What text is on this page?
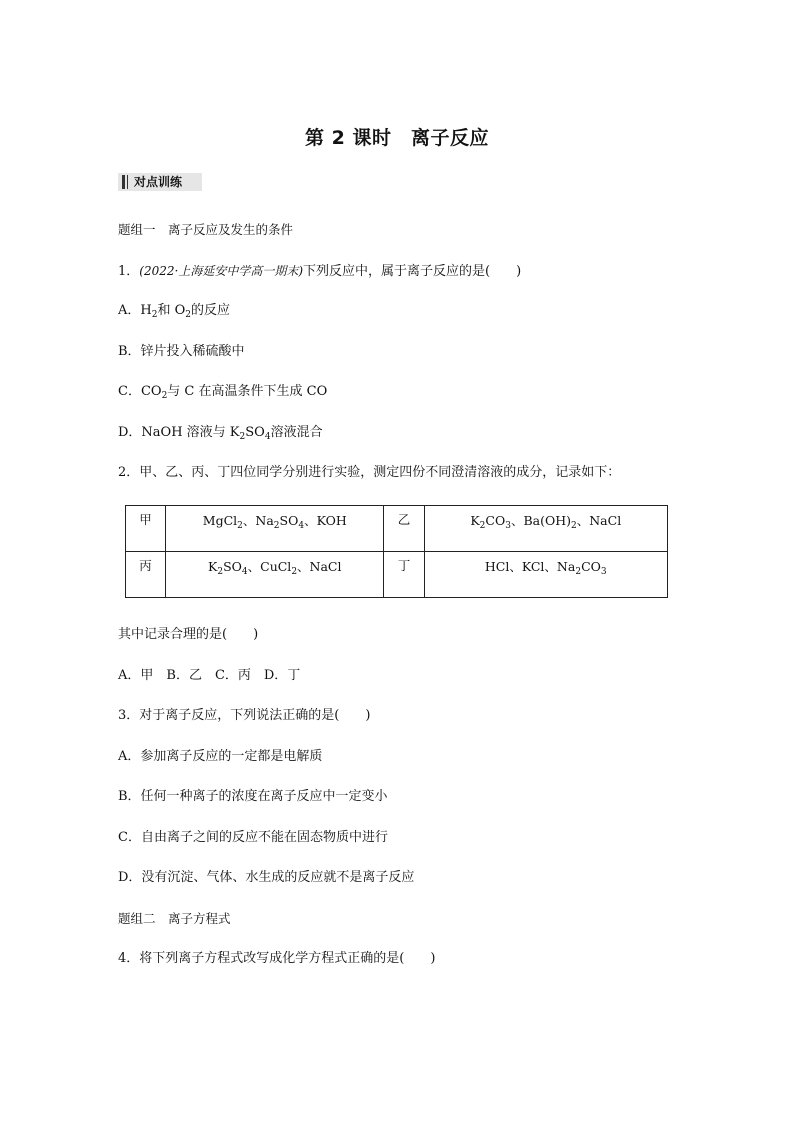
第 2 课时　离子反应
对点训练
题组一　离子反应及发生的条件
1．(2022·上海延安中学高一期末)下列反应中，属于离子反应的是(　　)
A．$H_2$和 $O_2$的反应
B．锌片投入稀硫酸中
C．$CO_2$与 C 在高温条件下生成 CO
D．NaOH 溶液与 $K_2SO_4$溶液混合
2．甲、乙、丙、丁四位同学分别进行实验，测定四份不同澄清溶液的成分，记录如下：
甲	MgCl$_2$、$Na_2SO_4$、KOH	乙	$K_2CO_3$、$Ba(OH)_2$、NaCl
丙	$K_2SO_4$、CuCl$_2$、NaCl	丁	HCl、KCl、$Na_2CO_3$
其中记录合理的是(　　)
A．甲　B．乙　C．丙　D．丁
3．对于离子反应，下列说法正确的是(　　)
A．参加离子反应的一定都是电解质
B．任何一种离子的浓度在离子反应中一定变小
C．自由离子之间的反应不能在固态物质中进行
D．没有沉淀、气体、水生成的反应就不是离子反应
题组二　离子方程式
4．将下列离子方程式改写成化学方程式正确的是(　　)
